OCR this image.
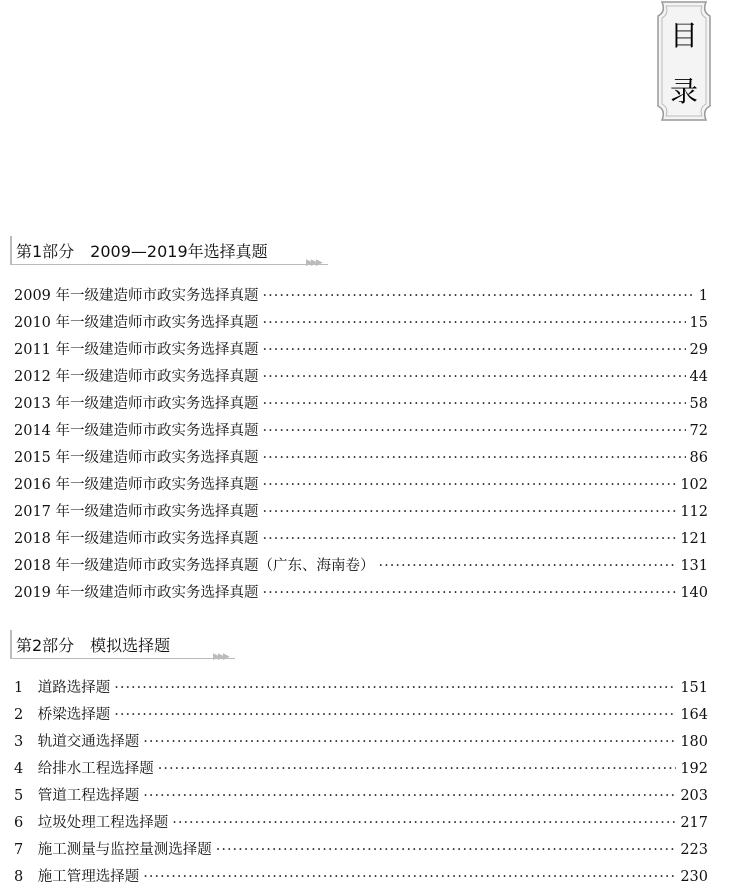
目
录
第1部分　2009—2019年选择真题
▶▶▶
2009 年一级建造师市政实务选择真题 ·····	1
2010 年一级建造师市政实务选择真题 ·····	15
2011 年一级建造师市政实务选择真题 ·····	29
2012 年一级建造师市政实务选择真题 ·····	44
2013 年一级建造师市政实务选择真题 ·····	58
2014 年一级建造师市政实务选择真题 ·····	72
2015 年一级建造师市政实务选择真题 ·····	86
2016 年一级建造师市政实务选择真题 ·····	102
2017 年一级建造师市政实务选择真题 ·····	112
2018 年一级建造师市政实务选择真题 ·····	121
2018 年一级建造师市政实务选择真题（广东、海南卷） ·····	131
2019 年一级建造师市政实务选择真题 ·····	140
第2部分　模拟选择题
▶▶▶
1　道路选择题 ·····	151
2　桥梁选择题 ·····	164
3　轨道交通选择题 ·····	180
4　给排水工程选择题 ·····	192
5　管道工程选择题 ·····	203
6　垃圾处理工程选择题 ·····	217
7　施工测量与监控量测选择题 ·····	223
8　施工管理选择题 ·····	230
